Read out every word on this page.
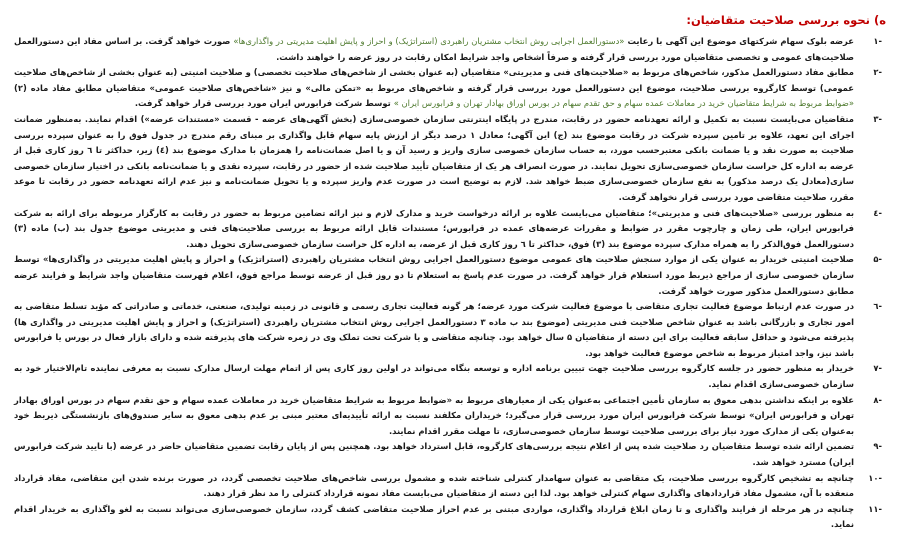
ه) نحوه بررسی صلاحیت متقاضیان:
-۱
عرضه بلوک سهام شرکتهای موضوع این آگهی با رعایت «دستورالعمل اجرایی روش انتخاب مشتریان راهبردی (استراتژیک) و احراز و پایش اهلیت مدیریتی در واگذاری‌ها» صورت خواهد گرفت. بر اساس مفاد این دستورالعمل صلاحیت‌های عمومی و تخصصی متقاضیان مورد بررسی قرار گرفته و صرفاً اشخاص واجد شرایط امکان رقابت در روز عرضه را خواهند داشت.
-۲
مطابق مفاد دستورالعمل مذکور، شاخص‌های مربوط به «صلاحیت‌های فنی و مدیریتی» متقاضیان (به عنوان بخشی از شاخص‌های صلاحیت تخصصی) و صلاحیت امنیتی (به عنوان بخشی از شاخص‌های صلاحیت عمومی) توسط کارگروه بررسی صلاحیت، موضوع این دستورالعمل مورد بررسی قرار گرفته و شاخص‌های مربوط به «تمکن مالی» و نیز «شاخص‌های صلاحیت عمومی» متقاضیان مطابق مفاد ماده (۲) «ضوابط مربوط به شرایط متقاضیان خرید در معاملات عمده سهام و حق تقدم سهام در بورس اوراق بهادار تهران و فرابورس ایران » توسط شرکت فرابورس ایران مورد بررسی قرار خواهد گرفت.
-۳
متقاضیان می‌بایست نسبت به تکمیل و ارائه تعهدنامه حضور در رقابت، مندرج در پایگاه اینترنتی سازمان خصوصی‌سازی (بخش آگهی‌های عرضه - قسمت «مستندات عرضه») اقدام نمایند. به‌منظور ضمانت اجرای این تعهد، علاوه بر تامین سپرده شرکت در رقابت موضوع بند (ج) این آگهی؛ معادل ۱ درصد دیگر از ارزش پایه سهام قابل واگذاری بر مبنای رقم مندرج در جدول فوق را به عنوان سپرده بررسی صلاحیت به صورت نقد و یا ضمانت بانکی معتبرحسب مورد، به حساب سازمان خصوصی سازی واریز و رسید آن و یا اصل ضمانت‌نامه را همزمان با مدارک موضوع بند (٤) زیر، حداکثر تا ٦ روز کاری قبل از عرضه به اداره کل حراست سازمان خصوصی‌سازی تحویل نمایند. در صورت انصراف هر یک از متقاضیان تأیید صلاحیت شده از حضور در رقابت، سپرده نقدی و یا ضمانت‌نامه بانکی در اختیار سازمان خصوصی سازی(معادل یک درصد مذکور) به نفع سازمان خصوصی‌سازی ضبط خواهد شد. لازم به توضیح است در صورت عدم واریز سپرده و یا تحویل ضمانت‌نامه و نیز عدم ارائه تعهدنامه حضور در رقابت تا موعد مقرر، صلاحیت متقاضی مورد بررسی قرار نخواهد گرفت.
-٤
به منظور بررسی «صلاحیت‌های فنی و مدیریتی»؛ متقاضیان می‌بایست علاوه بر ارائه درخواست خرید و مدارک لازم و نیز ارائه تضامین مربوط به حضور در رقابت به کارگزار مربوطه برای ارائه به شرکت فرابورس ایران، طی زمان و چارچوب مقرر در ضوابط و مقررات عرضه‌های عمده در فرابورس؛ مستندات قابل ارائه مربوط به بررسی صلاحیت‌های فنی و مدیریتی موضوع جدول بند (ب) ماده (۳) دستورالعمل فوق‌الذکر را به همراه مدارک سپرده موضوع بند (۳) فوق، حداکثر تا ٦ روز کاری قبل از عرضه، به اداره کل حراست سازمان خصوصی‌سازی تحویل دهند.
-۵
صلاحیت امنیتی خریدار به عنوان یکی از موارد سنجش صلاحیت های عمومی موضوع دستورالعمل اجرایی روش انتخاب مشتریان راهبردی (استراتژیک) و احراز و پایش اهلیت مدیریتی در واگذاری‌ها» توسط سازمان خصوصی سازی از مراجع ذیربط مورد استعلام قرار خواهد گرفت. در صورت عدم پاسخ به استعلام تا دو روز قبل از عرضه توسط مراجع فوق، اعلام فهرست متقاضیان واجد شرایط و فرایند عرضه مطابق دستورالعمل مذکور صورت خواهد گرفت.
-٦
در صورت عدم ارتباط موضوع فعالیت تجاری متقاضی با موضوع فعالیت شرکت مورد عرضه؛ هر گونه فعالیت تجاری رسمی و قانونی در زمینه تولیدی، صنعتی، خدماتی و صادراتی که مؤید تسلط متقاضی به امور تجاری و بازرگانی باشد به عنوان شاخص صلاحیت فنی مدیریتی (موضوع بند ب ماده ۳ دستورالعمل اجرایی روش انتخاب مشتریان راهبردی (استراتژیک) و احراز و پایش اهلیت مدیریتی در واگذاری ها) پذیرفته می‌شود و حداقل سابقه فعالیت برای این دسته از متقاضیان ۵ سال خواهد بود. چنانچه متقاضی و یا شرکت تحت تملک وی در زمره شرکت های پذیرفته شده و دارای بازار فعال در بورس یا فرابورس باشد نیز، واجد امتیاز مربوط به شاخص موضوع فعالیت خواهد بود.
-۷
خریدار به منظور حضور در جلسه کارگروه بررسی صلاحیت جهت تبیین برنامه اداره و توسعه بنگاه می‌تواند در اولین روز کاری پس از اتمام مهلت ارسال مدارک نسبت به معرفی نماینده تام‌الاختیار خود به سازمان خصوصی‌سازی اقدام نماید.
-۸
علاوه بر اینکه نداشتن بدهی معوق به سازمان تأمین اجتماعی به‌عنوان یکی از معیارهای مربوط به «ضوابط مربوط به شرایط متقاضیان خرید در معاملات عمده سهام و حق تقدم سهام در بورس اوراق بهادار تهران و فرابورس ایران» توسط شرکت فرابورس ایران مورد بررسی قرار می‌گیرد؛ خریداران مکلفند نسبت به ارائه تأییدیه‌ای معتبر مبنی بر عدم بدهی معوق به سایر صندوق‌های بازنشستگی ذیربط خود به‌عنوان یکی از مدارک مورد نیاز برای بررسی صلاحیت توسط سازمان خصوصی‌سازی، تا مهلت مقرر اقدام نمایند.
-۹
تضمین ارائه شده توسط متقاضیان رد صلاحیت شده پس از اعلام نتیجه بررسی‌های کارگروه، قابل استرداد خواهد بود. همچنین پس از پایان رقابت تضمین متقاضیان حاضر در عرضه (با تایید شرکت فرابورس ایران) مسترد خواهد شد.
-۱۰
چنانچه به تشخیص کارگروه بررسی صلاحیت، یک متقاضی به عنوان سهامدار کنترلی شناخته شده و مشمول بررسی شاخص‌های صلاحیت تخصصی گردد، در صورت برنده شدن این متقاضی، مفاد قرارداد منعقده با آن، مشمول مفاد قراردادهای واگذاری سهام کنترلی خواهد بود. لذا این دسته از متقاضیان می‌بایست مفاد نمونه قرارداد کنترلی را مد نظر قرار دهند.
-۱۱
چنانچه در هر مرحله از فرایند واگذاری و تا زمان ابلاغ قرارداد واگذاری، مواردی مبتنی بر عدم احراز صلاحیت متقاضی کشف گردد، سازمان خصوصی‌سازی می‌تواند نسبت به لغو واگذاری به خریدار اقدام نماید.
